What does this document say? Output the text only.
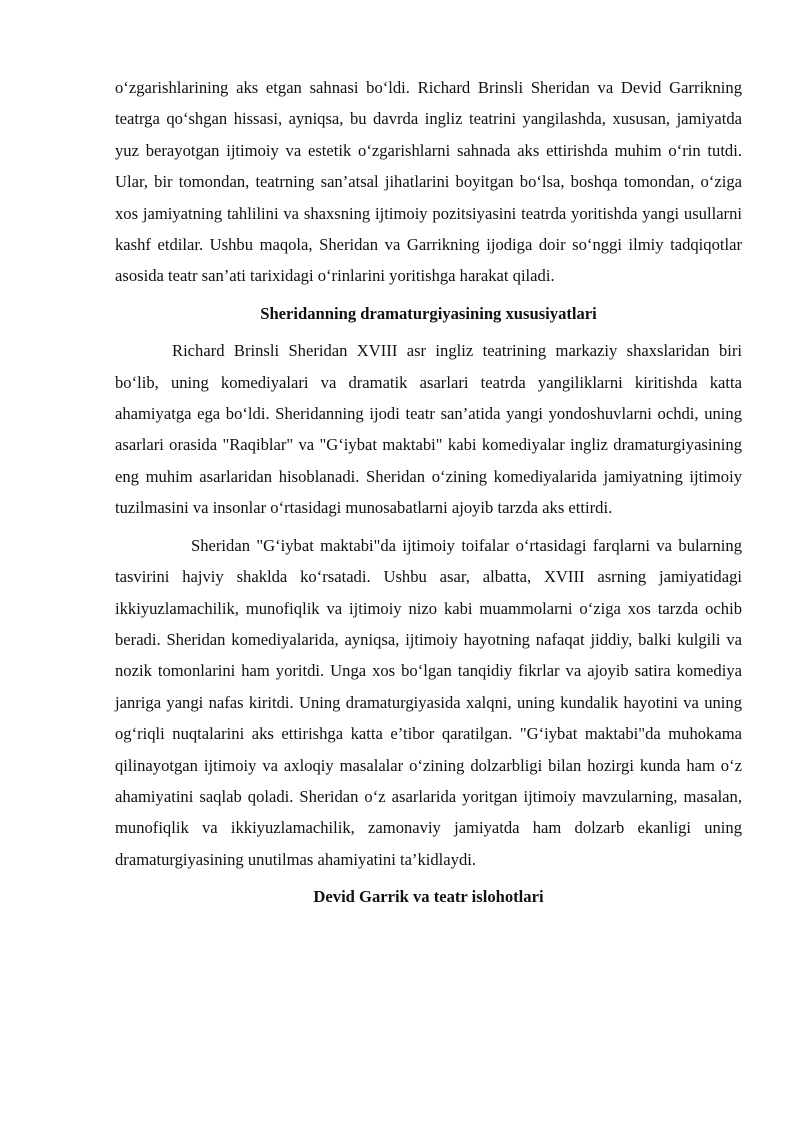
o‘zgarishlarining aks etgan sahnasi bo‘ldi. Richard Brinsli Sheridan va Devid Garrikning teatrga qo‘shgan hissasi, ayniqsa, bu davrda ingliz teatrini yangilashda, xususan, jamiyatda yuz berayotgan ijtimoiy va estetik o‘zgarishlarni sahnada aks ettirishda muhim o‘rin tutdi. Ular, bir tomondan, teatrning san’atsal jihatlarini boyitgan bo‘lsa, boshqa tomondan, o‘ziga xos jamiyatning tahlilini va shaxsning ijtimoiy pozitsiyasini teatrda yoritishda yangi usullarni kashf etdilar. Ushbu maqola, Sheridan va Garrikning ijodiga doir so‘nggi ilmiy tadqiqotlar asosida teatr san’ati tarixidagi o‘rinlarini yoritishga harakat qiladi.

Sheridanning dramaturgiyasining xususiyatlari

Richard Brinsli Sheridan XVIII asr ingliz teatrining markaziy shaxslaridan biri bo‘lib, uning komediyalari va dramatik asarlari teatrda yangiliklarni kiritishda katta ahamiyatga ega bo‘ldi. Sheridanning ijodi teatr san’atida yangi yondoshuvlarni ochdi, uning asarlari orasida "Raqiblar" va "G‘iybat maktabi" kabi komediyalar ingliz dramaturgiyasining eng muhim asarlaridan hisoblanadi. Sheridan o‘zining komediyalarida jamiyatning ijtimoiy tuzilmasini va insonlar o‘rtasidagi munosabatlarni ajoyib tarzda aks ettirdi.

Sheridan "G‘iybat maktabi"da ijtimoiy toifalar o‘rtasidagi farqlarni va bularning tasvirini hajviy shaklda ko‘rsatadi. Ushbu asar, albatta, XVIII asrning jamiyatidagi ikkiyuzlamachilik, munofiqlik va ijtimoiy nizo kabi muammolarni o‘ziga xos tarzda ochib beradi. Sheridan komediyalarida, ayniqsa, ijtimoiy hayotning nafaqat jiddiy, balki kulgili va nozik tomonlarini ham yoritdi. Unga xos bo‘lgan tanqidiy fikrlar va ajoyib satira komediya janriga yangi nafas kiritdi. Uning dramaturgiyasida xalqni, uning kundalik hayotini va uning og‘riqli nuqtalarini aks ettirishga katta e’tibor qaratilgan. "G‘iybat maktabi"da muhokama qilinayotgan ijtimoiy va axloqiy masalalar o‘zining dolzarbligi bilan hozirgi kunda ham o‘z ahamiyatini saqlab qoladi. Sheridan o‘z asarlarida yoritgan ijtimoiy mavzularning, masalan, munofiqlik va ikkiyuzlamachilik, zamonaviy jamiyatda ham dolzarb ekanligi uning dramaturgiyasining unutilmas ahamiyatini ta’kidlaydi.

Devid Garrik va teatr islohotlari
